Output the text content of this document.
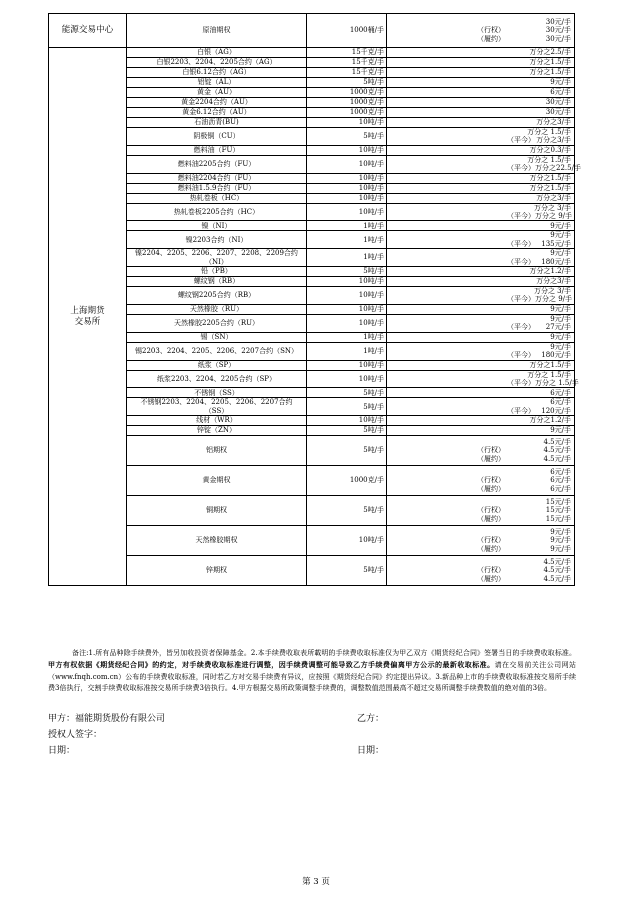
能源交易中心	原油期权	1000桶/手	30元/手
（行权） 30元/手
（履约） 30元/手

上海期货
交易所	白银（AG）	15千克/手	万分之2.5/手

	白银2203、2204、2205合约（AG）	15千克/手	万分之1.5/手

	白银6.12合约（AG）	15千克/手	万分之1.5/手

	铝锭（AL）	5吨/手	9元/手

	黄金（AU）	1000克/手	6元/手

	黄金2204合约（AU）	1000克/手	30元/手

	黄金6.12合约（AU）	1000克/手	30元/手

	石油沥青(BU)	10吨/手	万分之3/手

	阴极铜（CU）	5吨/手	万分之 1.5/手
（平今） 万分之3/手

	燃料油（FU）	10吨/手	万分之0.3/手

	燃料油2205合约（FU）	10吨/手	万分之 1.5/手
（平今） 万分之22.5/手

	燃料油2204合约（FU）	10吨/手	万分之1.5/手

	燃料油1.5.9合约（FU）	10吨/手	万分之1.5/手

	热轧卷板（HC）	10吨/手	万分之3/手

	热轧卷板2205合约（HC）	10吨/手	万分之 3/手
（平今） 万分之 9/手

	镍（NI）	1吨/手	9元/手

	镍2203合约（NI）	1吨/手	9元/手
（平今） 135元/手

	镍2204、2205、2206、2207、2208、2209合约
（NI）	1吨/手	9元/手
（平今） 180元/手

	铅（PB）	5吨/手	万分之1.2/手

	螺纹钢（RB）	10吨/手	万分之3/手

	螺纹钢2205合约（RB）	10吨/手	万分之 3/手
（平今） 万分之 9/手

	天然橡胶（RU）	10吨/手	9元/手

	天然橡胶2205合约（RU）	10吨/手	9元/手
（平今） 27元/手

	锡（SN）	1吨/手	9元/手

	锡2203、2204、2205、2206、2207合约（SN）	1吨/手	9元/手
（平今） 180元/手

	纸浆（SP）	10吨/手	万分之1.5/手

	纸浆2203、2204、2205合约（SP）	10吨/手	万分之 1.5/手
（平今） 万分之 1.5/手

	不锈钢（SS）	5吨/手	6元/手

	不锈钢2203、2204、2205、2206、2207合约
（SS）	5吨/手	6元/手
（平今） 120元/手

	线材（WR）	10吨/手	万分之1.2/手

	锌锭（ZN）	5吨/手	9元/手

	铝期权	5吨/手	4.5元/手
（行权） 4.5元/手
（履约） 4.5元/手

	黄金期权	1000克/手	6元/手
（行权） 6元/手
（履约） 6元/手

	铜期权	5吨/手	15元/手
（行权） 15元/手
（履约） 15元/手

	天然橡胶期权	10吨/手	9元/手
（行权） 9元/手
（履约） 9元/手

	锌期权	5吨/手	4.5元/手
（行权） 4.5元/手
（履约） 4.5元/手
备注:1.所有品种除手续费外，皆另加收投资者保障基金。2.本手续费收取表所載明的手续费收取标准仅为甲乙双方《期货经纪合同》签署当日的手续费收取标准。甲方有权依据《期货经纪合同》的约定，对手续费收取标准进行调整，因手续费调整可能导致乙方手续费偏离甲方公示的最新收取标准。请在交易前关注公司网站（www.fnqh.com.cn）公布的手续费收取标准，同时若乙方对交易手续费有异议，应按照《期货经纪合同》约定提出异议。3.新品种上市的手续费收取标准按交易所手续费3倍执行，交割手续费收取标准按交易所手续费3倍执行。4.甲方根据交易所政策调整手续费的，调整数值范围最高不超过交易所调整手续费数值的绝对值的3倍。
甲方：福能期货股份有限公司	乙方：
授权人签字：
日期：	日期：
第 3 页
